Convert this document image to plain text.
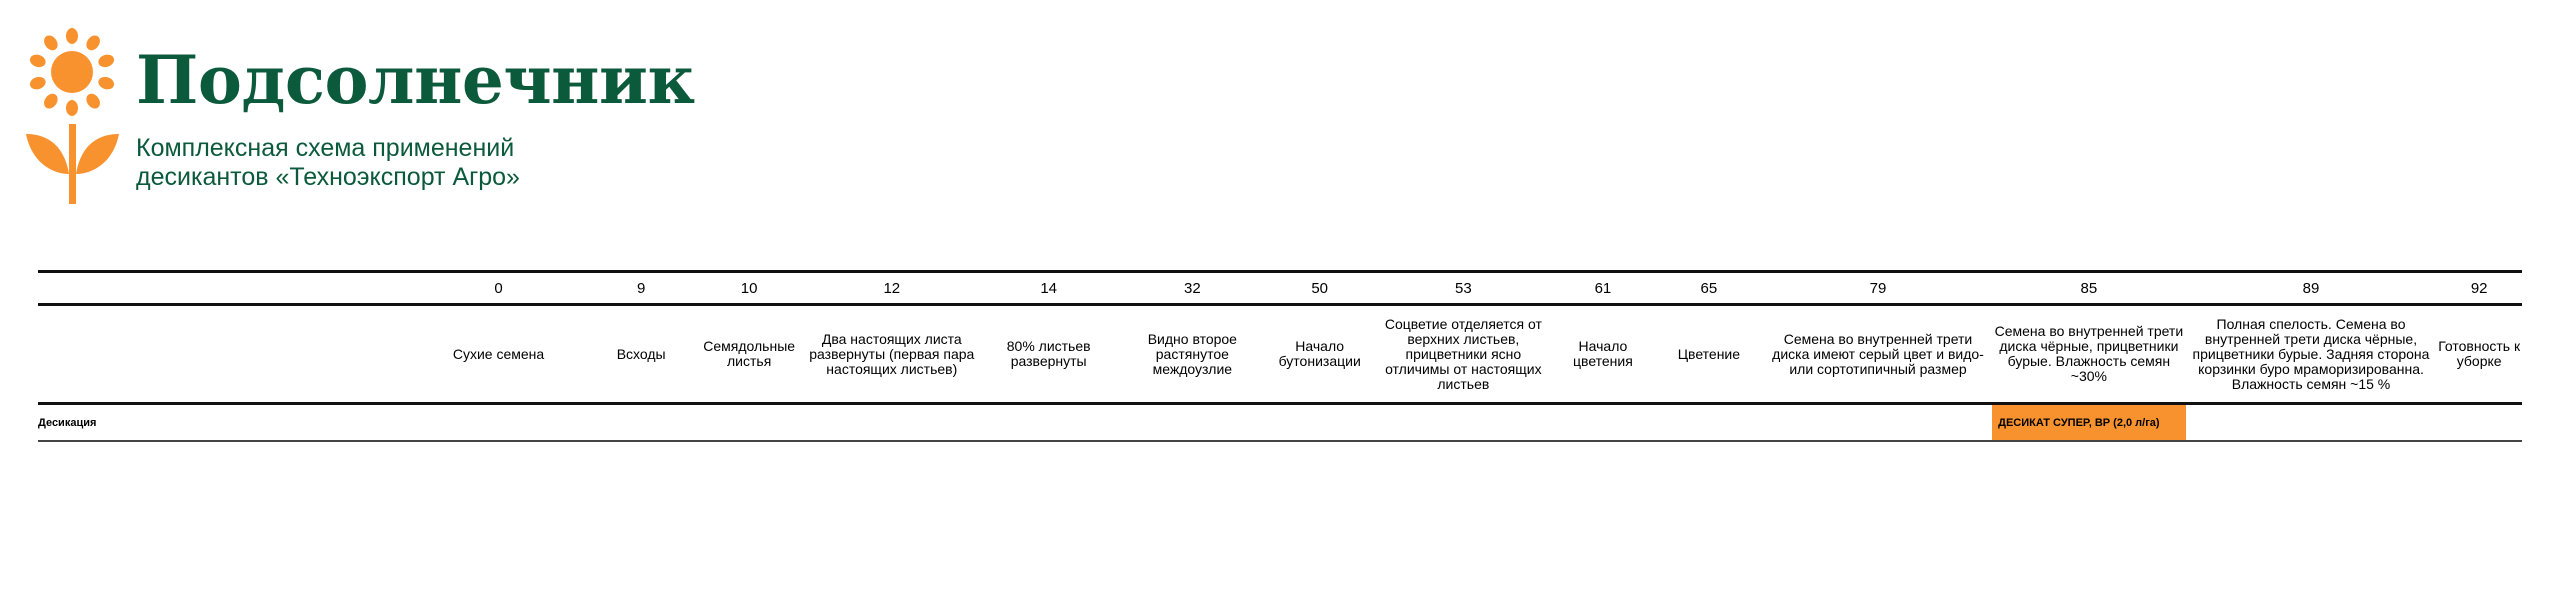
Подсолнечник
Комплексная схема применений
десикантов «Техноэкспорт Агро»
	0	9	10	12	14	32	50	53	61	65	79	85	89	92
	Сухие семена	Всходы	Семядольные листья	Два настоящих листа развернуты (первая пара настоящих листьев)	80% листьев развернуты	Видно второе растянутое междоузлие	Начало бутонизации	Соцветие отделяется от верхних листьев, прицветники ясно отличимы от настоящих листьев	Начало цветения	Цветение	Семена во внутренней трети диска имеют серый цвет и видо- или сортотипичный размер	Семена во внутренней трети диска чёрные, прицветники бурые. Влажность семян ~30%	Полная спелость. Семена во внутренней трети диска чёрные, прицветники бурые. Задняя сторона корзинки буро мраморизированна. Влажность семян ~15 %	Готовность к уборке
Десикация												ДЕСИКАТ СУПЕР, ВР (2,0 л/га)		
